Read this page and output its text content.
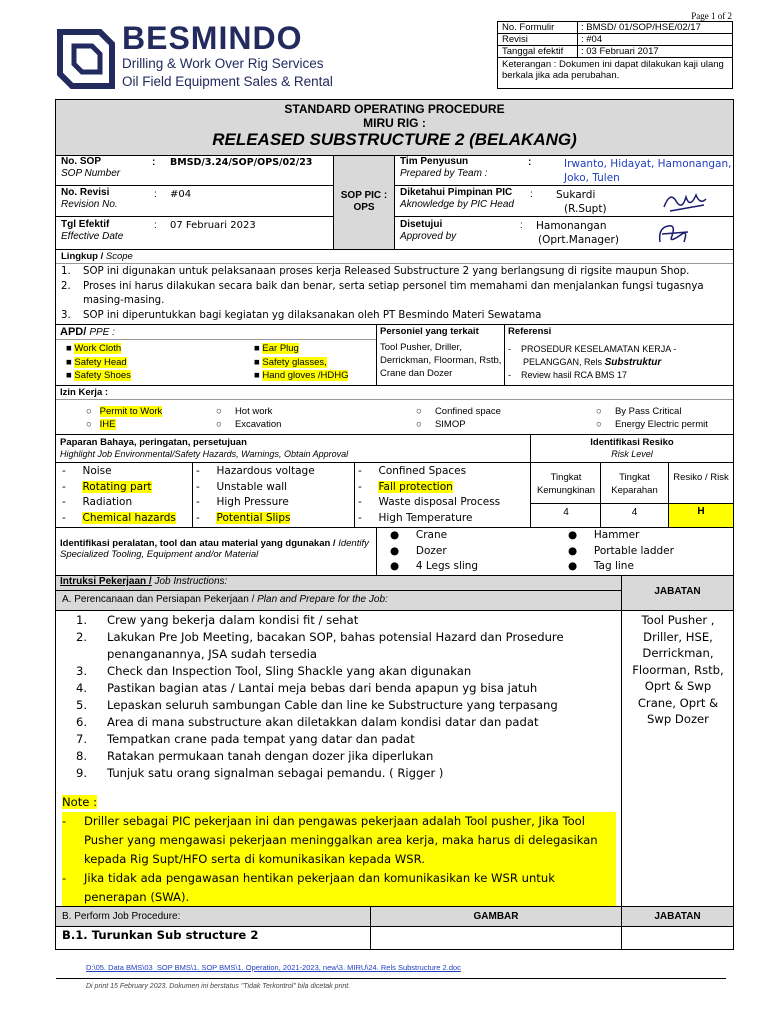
Page 1 of 2
BESMINDO
Drilling & Work Over Rig Services
Oil Field Equipment Sales & Rental
No. Formulir	: BMSD/ 01/SOP/HSE/02/17
Revisi	: #04
Tanggal efektif	: 03 Februari 2017
Keterangan : Dokumen ini dapat dilakukan kaji ulang berkala jika ada perubahan.
STANDARD OPERATING PROCEDURE
MIRU RIG :
RELEASED SUBSTRUCTURE 2 (BELAKANG)
SOP PIC : OPS
No. SOP
SOP Number
: BMSD/3.24/SOP/OPS/02/23
No. Revisi
Revision No.
: #04
Tgl Efektif
Effective Date
: 07 Februari 2023
Tim Penyusun
Prepared by Team :
:	Irwanto, Hidayat, Hamonangan, Joko, Tulen
Diketahui Pimpinan PIC
Aknowledge by PIC Head
: Sukardi
(R.Supt)
Disetujui
Approved by
: Hamonangan
(Oprt.Manager)
Lingkup / Scope
1.	SOP ini digunakan untuk pelaksanaan proses kerja Released Substructure 2 yang berlangsung di rigsite maupun Shop.
2.	Proses ini harus dilakukan secara baik dan benar, serta setiap personel tim memahami dan menjalankan fungsi tugasnya masing-masing.
3.	SOP ini diperuntukkan bagi kegiatan yg dilaksanakan oleh PT Besmindo Materi Sewatama
APD/ PPE :
■ Work Cloth
■ Safety Head
■ Safety Shoes
■ Ear Plug
■ Safety glasses,
■ Hand gloves /HDHG
Personiel yang terkait
Tool Pusher, Driller, Derrickman, Floorman, Rstb, Crane dan Dozer
Referensi
-    PROSEDUR KESELAMATAN KERJA -
PELANGGAN, Rels Substruktur
-    Review hasil RCA BMS 17
Izin Kerja :
○   Permit to Work
○   IHE
○     Hot work
○     Excavation
○     Confined space
○     SIMOP
○     By Pass Critical
○     Energy Electric permit
Paparan Bahaya, peringatan, persetujuan
Highlight Job Environmental/Safety Hazards, Warnings, Obtain Approval
-     Noise
-     Rotating part
-     Radiation
-     Chemical hazards
-     Hazardous voltage
-     Unstable wall
-     High Pressure
-     Potential Slips
-     Confined Spaces
-     Fall protection
-     Waste disposal Process
-     High Temperature
Identifikasi Resiko
Risk Level
Tingkat Kemungkinan
Tingkat Keparahan
Resiko / Risk
4	4	H
Identifikasi peralatan, tool dan atau material yang dgunakan / Identify Specialized Tooling, Equipment and/or Material
●     Crane
●     Dozer
●     4 Legs sling
●     Hammer
●     Portable ladder
●     Tag line
Intruksi Pekerjaan / Job Instructions:
JABATAN
A. Perencanaan dan Persiapan Pekerjaan / Plan and Prepare for the Job:
1.	Crew yang bekerja dalam kondisi fit / sehat
2.	Lakukan Pre Job Meeting, bacakan SOP, bahas potensial Hazard dan Prosedure penanganannya, JSA sudah tersedia
3.	Check dan Inspection Tool, Sling Shackle yang akan digunakan
4.	Pastikan bagian atas / Lantai meja bebas dari benda apapun yg bisa jatuh
5.	Lepaskan seluruh sambungan Cable dan line ke Substructure yang terpasang
6.	Area di mana substructure akan diletakkan dalam kondisi datar dan padat
7.	Tempatkan crane pada tempat yang datar dan padat
8.	Ratakan permukaan tanah dengan dozer jika diperlukan
9.	Tunjuk satu orang signalman sebagai pemandu. ( Rigger )
Tool Pusher , Driller, HSE, Derrickman, Floorman, Rstb, Oprt & Swp Crane, Oprt & Swp Dozer
Note :
-	Driller sebagai PIC pekerjaan ini dan pengawas pekerjaan adalah Tool pusher, Jika Tool Pusher yang mengawasi pekerjaan meninggalkan area kerja, maka harus di delegasikan kepada Rig Supt/HFO serta di komunikasikan kepada WSR.
-	Jika tidak ada pengawasan hentikan pekerjaan dan komunikasikan ke WSR untuk penerapan (SWA).
B. Perform Job Procedure:	GAMBAR	JABATAN
B.1. Turunkan Sub structure 2
D:\05. Data BMS\03_SOP BMS\1. SOP BMS\1. Operation, 2021-2023, new\3. MIRU\24. Rels Substructure 2.doc
Di print 15 February 2023. Dokumen ini berstatus "Tidak Terkontrol" bila dicetak print.
